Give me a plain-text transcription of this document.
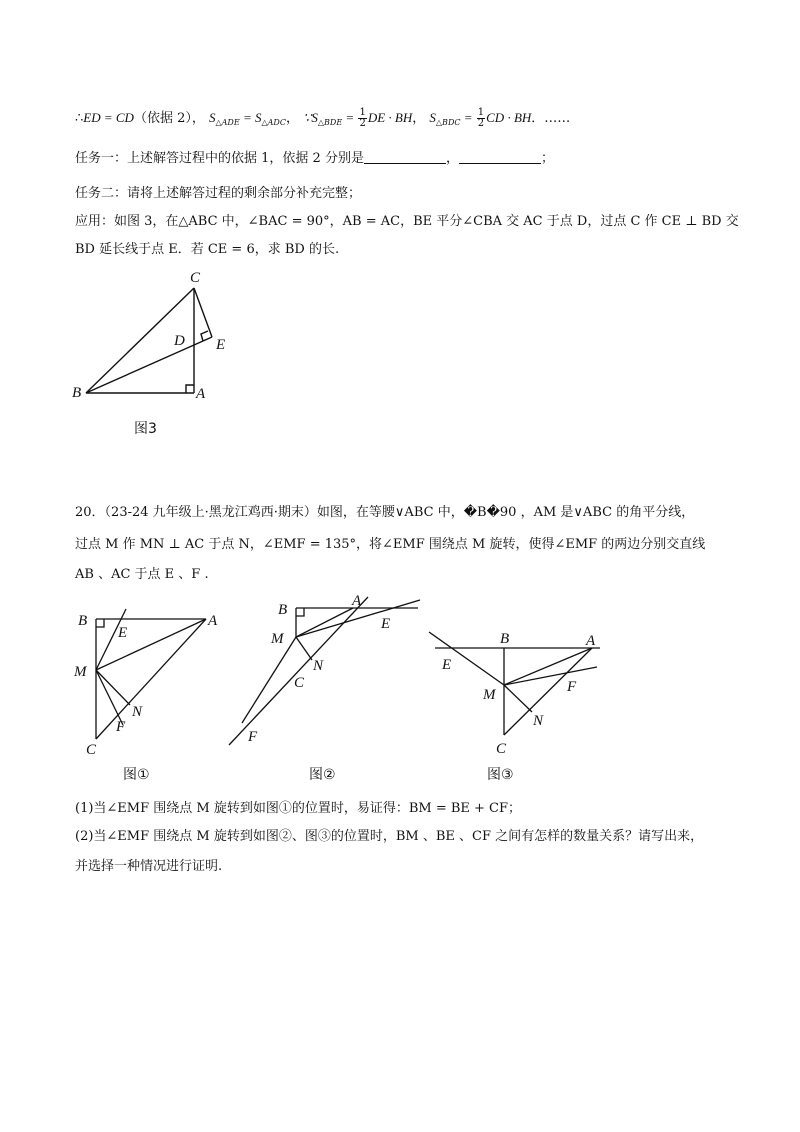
∴ED = CD（依据 2）， $S_{\triangle ADE} = S_{\triangle ADC}$， $\because S_{\triangle BDE} = \frac{1}{2}$ DE · BH， $S_{\triangle BDC} = \frac{1}{2}$ CD · BH．……
任务一：上述解答过程中的依据 1，依据 2 分别是	，	；
任务二：请将上述解答过程的剩余部分补充完整；
应用：如图 3，在△ABC 中，∠BAC = 90°，AB = AC，BE 平分∠CBA 交 AC 于点 D，过点 C 作 CE ⊥ BD 交
BD 延长线于点 E．若 CE = 6，求 BD 的长.
C
D E
B	A
图3
20．（23-24 九年级上·黑龙江鸡西·期末）如图，在等腰∨ABC 中，�B�90 ，AM 是∨ABC 的角平分线，
过点 M 作 MN ⊥ AC 于点 N，∠EMF = 135°，将∠EMF 围绕点 M 旋转，使得∠EMF 的两边分别交直线
AB 、AC 于点 E 、F .
B
E
A
M
N
F
C
B
A
E
M
N
C
F
B	A
E
F
M
N
C
图①	图②	图③
(1)当∠EMF 围绕点 M 旋转到如图①的位置时，易证得：BM = BE + CF；
(2)当∠EMF 围绕点 M 旋转到如图②、图③的位置时，BM 、BE 、CF 之间有怎样的数量关系？请写出来，
并选择一种情况进行证明.
